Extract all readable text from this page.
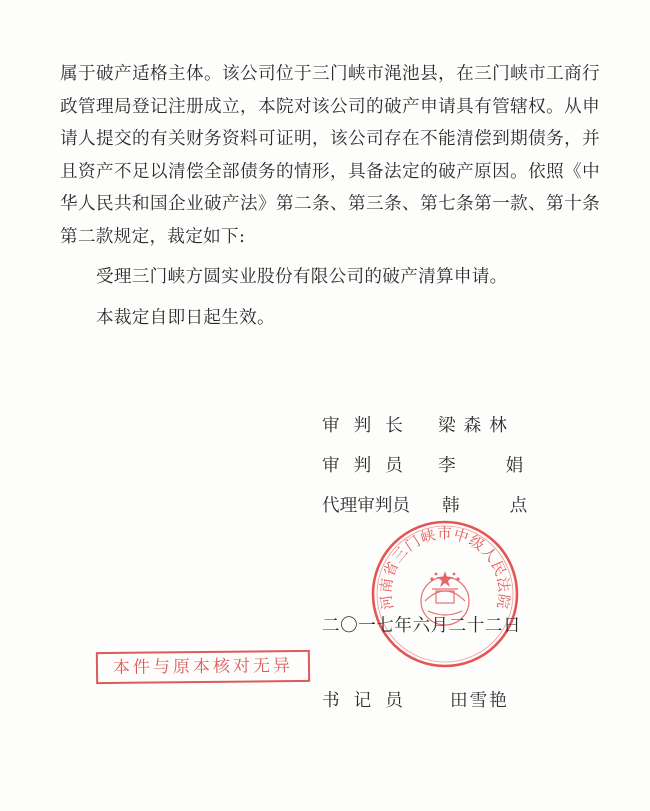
属于破产适格主体。该公司位于三门峡市渑池县，在三门峡市工商行政管理局登记注册成立，本院对该公司的破产申请具有管辖权。从申请人提交的有关财务资料可证明，该公司存在不能清偿到期债务，并且资产不足以清偿全部债务的情形，具备法定的破产原因。依照《中华人民共和国企业破产法》第二条、第三条、第七条第一款、第十条第二款规定，裁定如下:

受理三门峡方圆实业股份有限公司的破产清算申请。

本裁定自即日起生效。

审判长 梁森林
审判员 李娟
代理审判员 韩点
河南省三门峡市中级人民法院
二〇一七年六月二十二日
本件与原本核对无异
书记员 田雪艳
